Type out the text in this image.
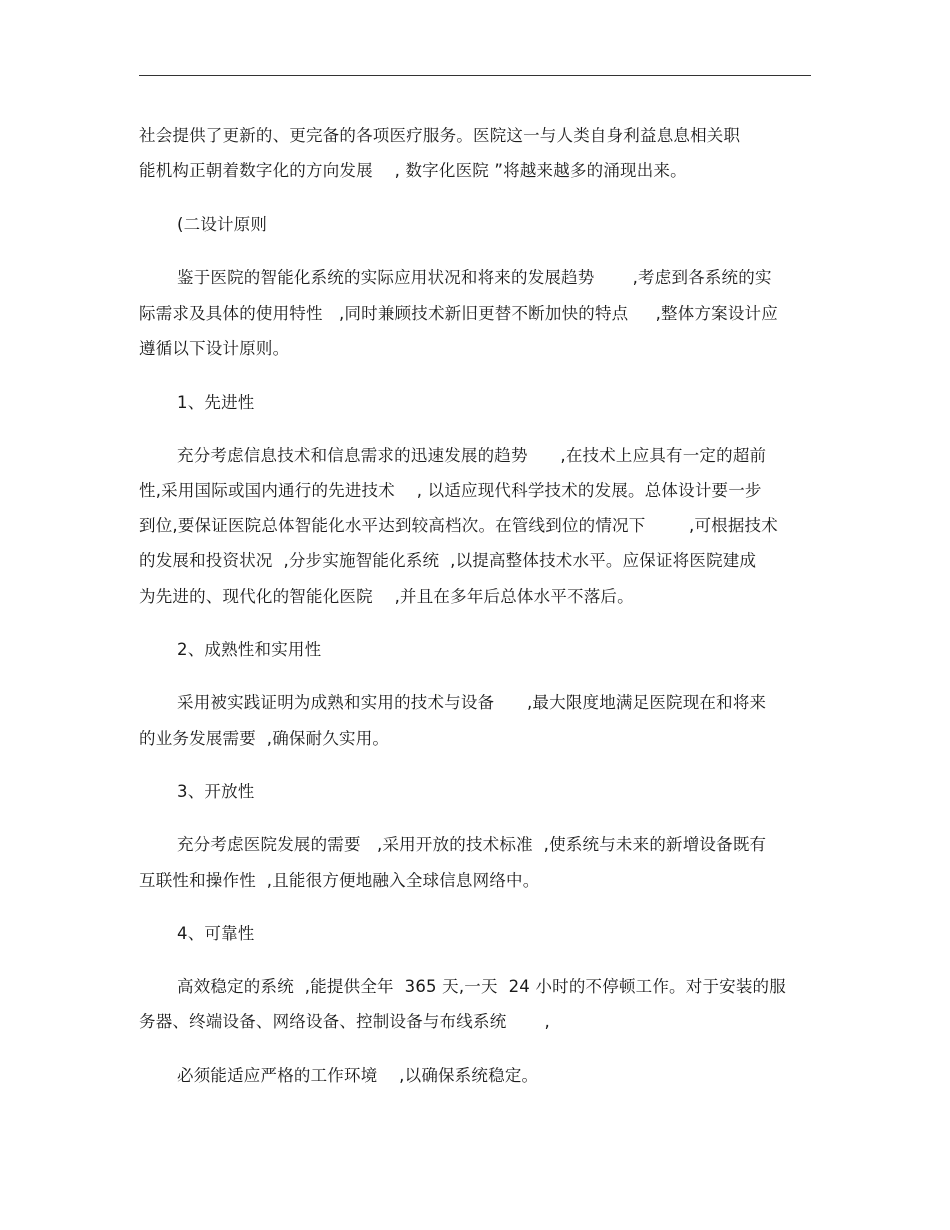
社会提供了更新的、更完备的各项医疗服务。医院这一与人类自身利益息息相关职
能机构正朝着数字化的方向发展    , 数字化医院 ”将越来越多的涌现出来。
(二设计原则
鉴于医院的智能化系统的实际应用状况和将来的发展趋势       ,考虑到各系统的实
际需求及具体的使用特性   ,同时兼顾技术新旧更替不断加快的特点     ,整体方案设计应
遵循以下设计原则。
1、先进性
充分考虑信息技术和信息需求的迅速发展的趋势      ,在技术上应具有一定的超前
性,采用国际或国内通行的先进技术    , 以适应现代科学技术的发展。总体设计要一步
到位,要保证医院总体智能化水平达到较高档次。在管线到位的情况下        ,可根据技术
的发展和投资状况  ,分步实施智能化系统  ,以提高整体技术水平。应保证将医院建成
为先进的、现代化的智能化医院    ,并且在多年后总体水平不落后。
2、成熟性和实用性
采用被实践证明为成熟和实用的技术与设备      ,最大限度地满足医院现在和将来
的业务发展需要  ,确保耐久实用。
3、开放性
充分考虑医院发展的需要   ,采用开放的技术标准  ,使系统与未来的新增设备既有
互联性和操作性  ,且能很方便地融入全球信息网络中。
4、可靠性
高效稳定的系统  ,能提供全年  365 天,一天  24 小时的不停顿工作。对于安装的服
务器、终端设备、网络设备、控制设备与布线系统       ,
必须能适应严格的工作环境    ,以确保系统稳定。
